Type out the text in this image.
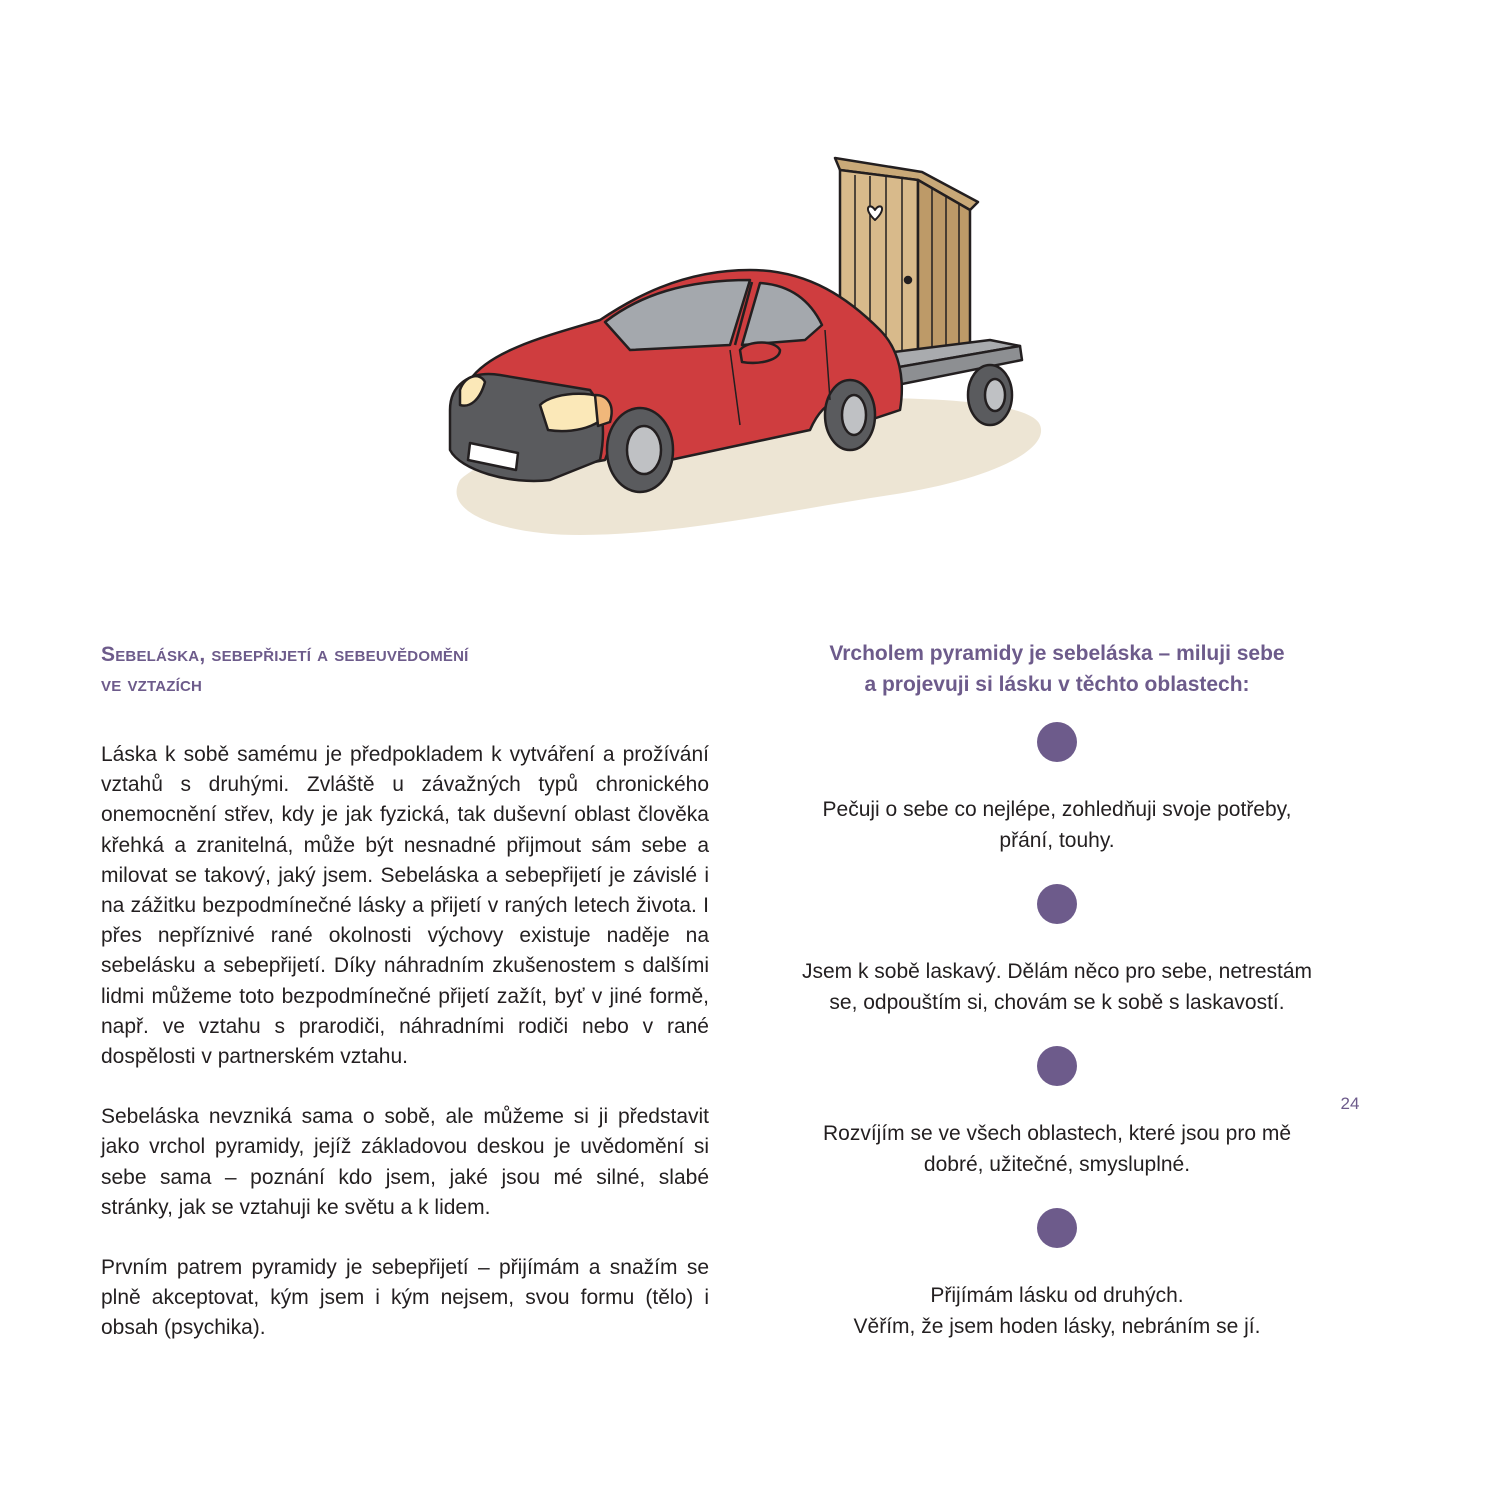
Sebeláska, sebepřijetí a sebeuvědomění
ve vztazích

Láska k sobě samému je předpokladem k vytváření a prožívání vztahů s druhými. Zvláště u závažných typů chronického onemocnění střev, kdy je jak fyzická, tak duševní oblast člověka křehká a zranitelná, může být nesnadné přijmout sám sebe a milovat se takový, jaký jsem. Sebeláska a sebepřijetí je závislé i na zážitku bezpodmínečné lásky a přijetí v raných letech života. I přes nepříznivé rané okolnosti výchovy existuje naděje na sebelásku a sebepřijetí. Díky náhradním zkušenostem s dalšími lidmi můžeme toto bezpodmínečné přijetí zažít, byť v jiné formě, např. ve vztahu s prarodiči, náhradními rodiči nebo v rané dospělosti v partnerském vztahu.

Sebeláska nevzniká sama o sobě, ale můžeme si ji představit jako vrchol pyramidy, jejíž základovou deskou je uvědomění si sebe sama – poznání kdo jsem, jaké jsou mé silné, slabé stránky, jak se vztahuji ke světu a k lidem.

Prvním patrem pyramidy je sebepřijetí – přijímám a snažím se plně akceptovat, kým jsem i kým nejsem, svou formu (tělo) i obsah (psychika).

Vrcholem pyramidy je sebeláska – miluji sebe
a projevuji si lásku v těchto oblastech:
Pečuji o sebe co nejlépe, zohledňuji svoje potřeby,
přání, touhy.
Jsem k sobě laskavý. Dělám něco pro sebe, netrestám
se, odpouštím si, chovám se k sobě s laskavostí.
Rozvíjím se ve všech oblastech, které jsou pro mě
dobré, užitečné, smysluplné.
Přijímám lásku od druhých.
Věřím, že jsem hoden lásky, nebráním se jí.
24
